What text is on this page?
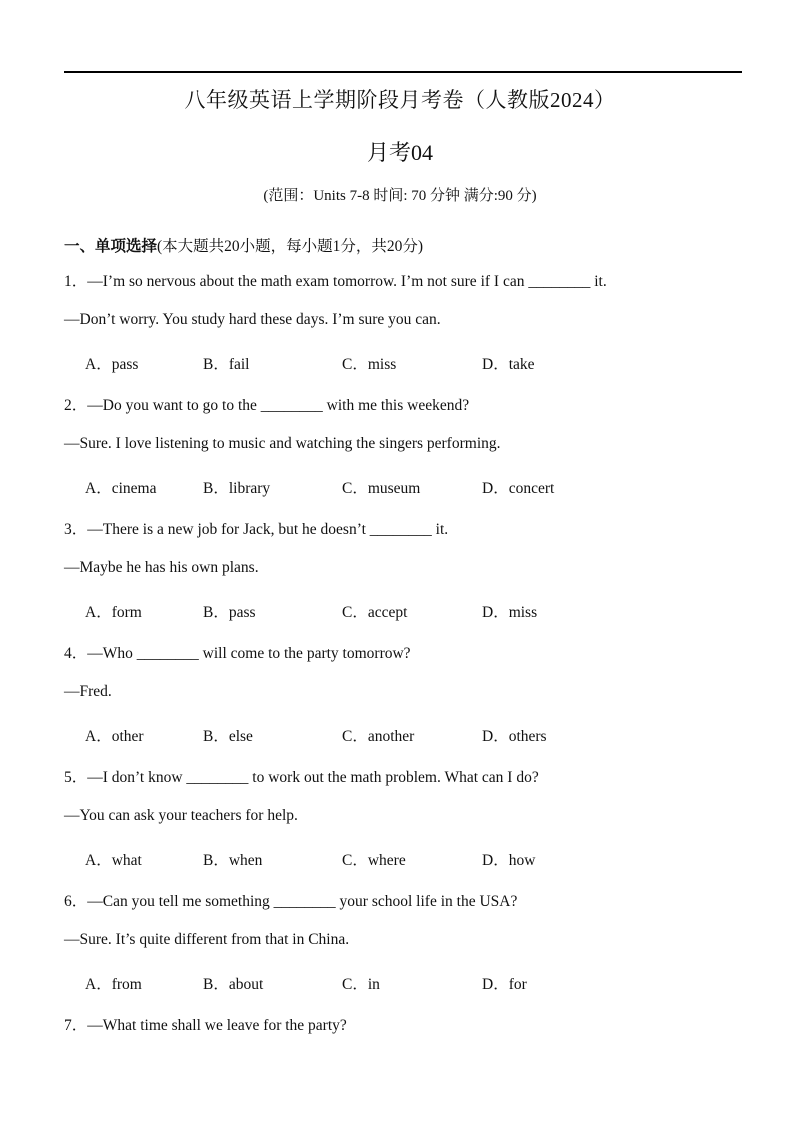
八年级英语上学期阶段月考卷（人教版2024）
月考04
(范围：Units 7-8 时间: 70 分钟 满分:90 分)
一、单项选择(本大题共20小题，每小题1分，共20分)
1．—I’m so nervous about the math exam tomorrow. I’m not sure if I can ________ it.
—Don’t worry. You study hard these days. I’m sure you can.
A．pass	B．fail	C．miss	D．take
2．—Do you want to go to the ________ with me this weekend?
—Sure. I love listening to music and watching the singers performing.
A．cinema	B．library	C．museum	D．concert
3．—There is a new job for Jack, but he doesn’t ________ it.
—Maybe he has his own plans.
A．form	B．pass	C．accept	D．miss
4．—Who ________ will come to the party tomorrow?
—Fred.
A．other	B．else	C．another	D．others
5．—I don’t know ________ to work out the math problem. What can I do?
—You can ask your teachers for help.
A．what	B．when	C．where	D．how
6．—Can you tell me something ________ your school life in the USA?
—Sure. It’s quite different from that in China.
A．from	B．about	C．in	D．for
7．—What time shall we leave for the party?
